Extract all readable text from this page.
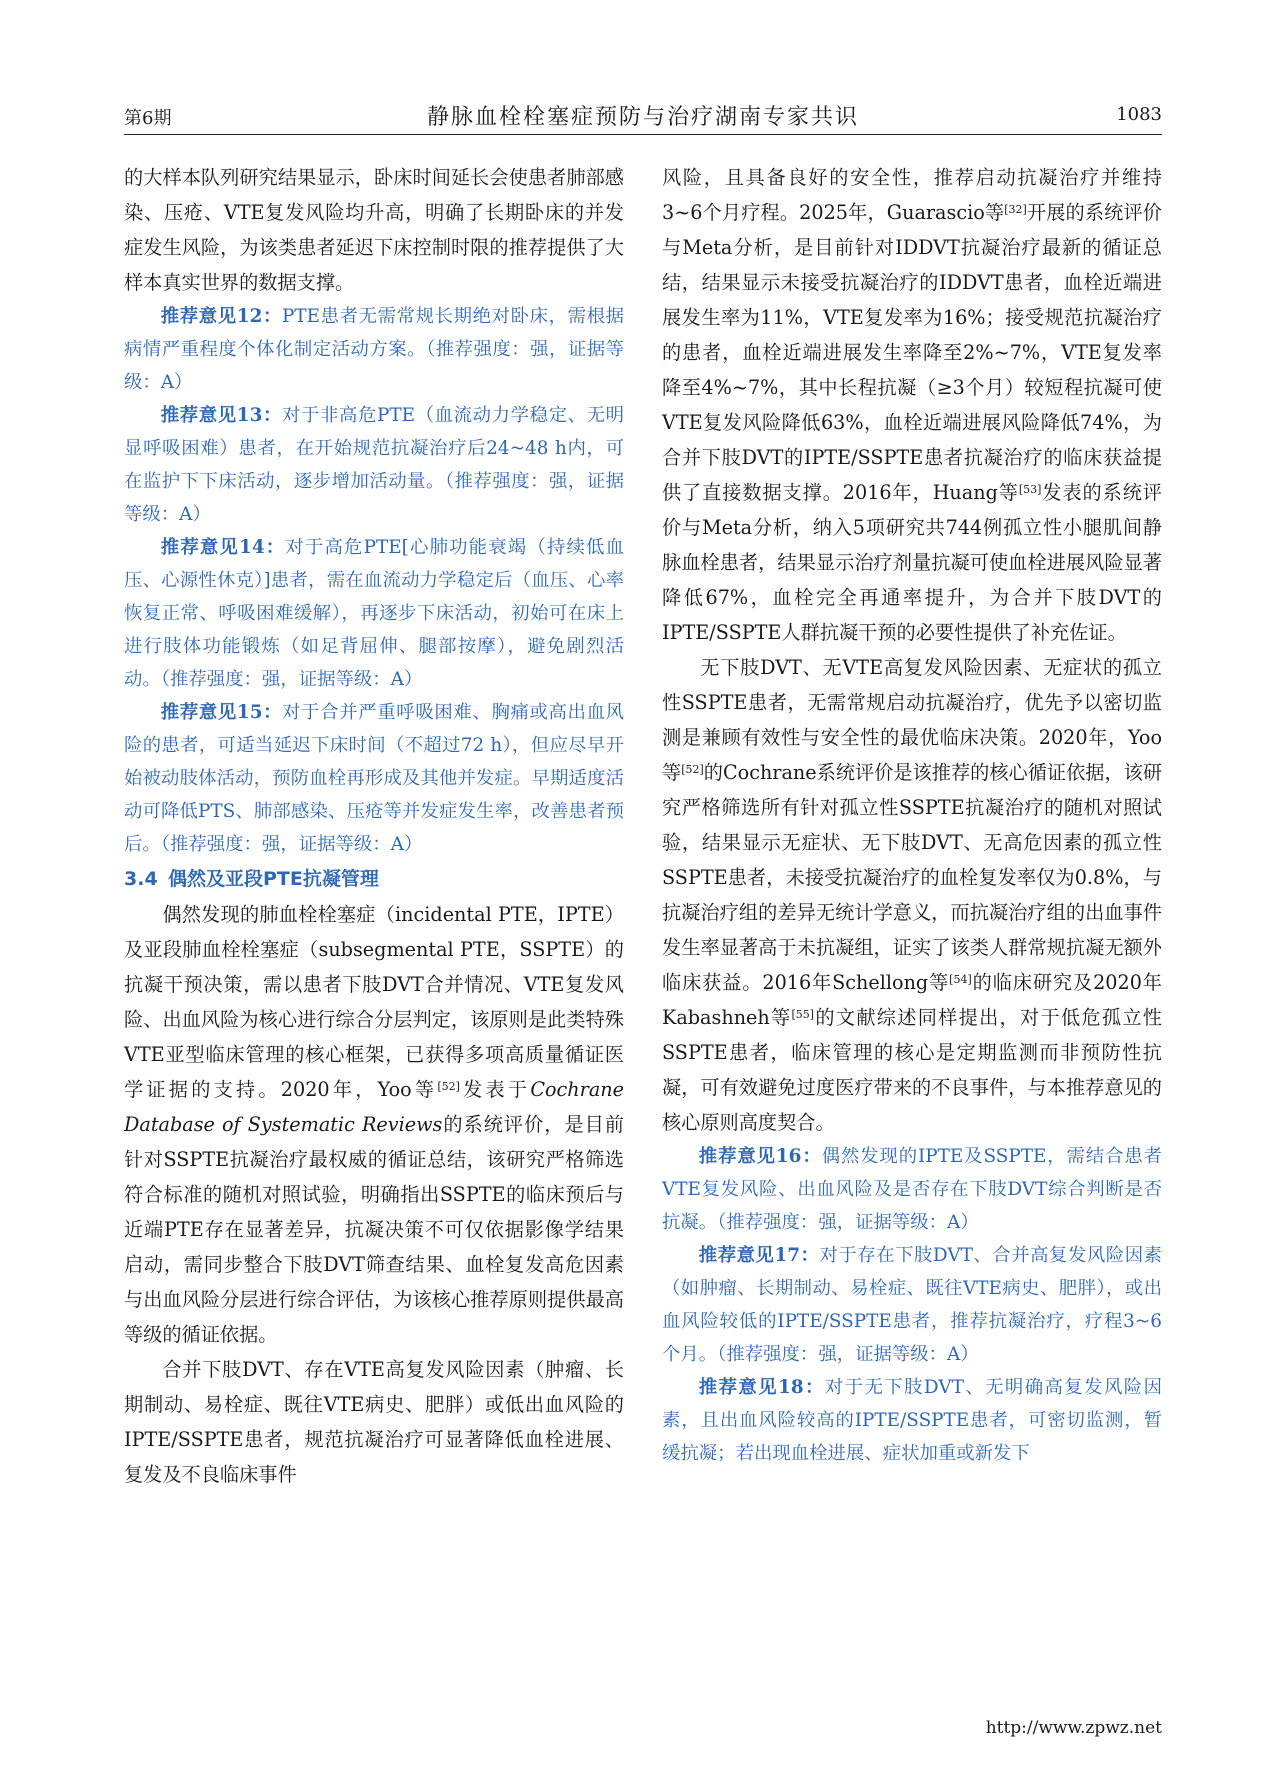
第6期	静脉血栓栓塞症预防与治疗湖南专家共识	1083

的大样本队列研究结果显示，卧床时间延长会使患者肺部感染、压疮、VTE复发风险均升高，明确了长期卧床的并发症发生风险，为该类患者延迟下床控制时限的推荐提供了大样本真实世界的数据支撑。

推荐意见12：PTE患者无需常规长期绝对卧床，需根据病情严重程度个体化制定活动方案。（推荐强度：强，证据等级：A）

推荐意见13：对于非高危PTE（血流动力学稳定、无明显呼吸困难）患者，在开始规范抗凝治疗后24~48 h内，可在监护下下床活动，逐步增加活动量。（推荐强度：强，证据等级：A）

推荐意见14：对于高危PTE[心肺功能衰竭（持续低血压、心源性休克）]患者，需在血流动力学稳定后（血压、心率恢复正常、呼吸困难缓解），再逐步下床活动，初始可在床上进行肢体功能锻炼（如足背屈伸、腿部按摩），避免剧烈活动。（推荐强度：强，证据等级：A）

推荐意见15：对于合并严重呼吸困难、胸痛或高出血风险的患者，可适当延迟下床时间（不超过72 h），但应尽早开始被动肢体活动，预防血栓再形成及其他并发症。早期适度活动可降低PTS、肺部感染、压疮等并发症发生率，改善患者预后。（推荐强度：强，证据等级：A）

3.4 偶然及亚段PTE抗凝管理

偶然发现的肺血栓栓塞症（incidental PTE，IPTE）及亚段肺血栓栓塞症（subsegmental PTE，SSPTE）的抗凝干预决策，需以患者下肢DVT合并情况、VTE复发风险、出血风险为核心进行综合分层判定，该原则是此类特殊VTE亚型临床管理的核心框架，已获得多项高质量循证医学证据的支持。2020年，Yoo等[52]发表于Cochrane Database of Systematic Reviews的系统评价，是目前针对SSPTE抗凝治疗最权威的循证总结，该研究严格筛选符合标准的随机对照试验，明确指出SSPTE的临床预后与近端PTE存在显著差异，抗凝决策不可仅依据影像学结果启动，需同步整合下肢DVT筛查结果、血栓复发高危因素与出血风险分层进行综合评估，为该核心推荐原则提供最高等级的循证依据。

合并下肢DVT、存在VTE高复发风险因素（肿瘤、长期制动、易栓症、既往VTE病史、肥胖）或低出血风险的IPTE/SSPTE患者，规范抗凝治疗可显著降低血栓进展、复发及不良临床事件

风险，且具备良好的安全性，推荐启动抗凝治疗并维持3~6个月疗程。2025年，Guarascio等[32]开展的系统评价与Meta分析，是目前针对IDDVT抗凝治疗最新的循证总结，结果显示未接受抗凝治疗的IDDVT患者，血栓近端进展发生率为11%，VTE复发率为16%；接受规范抗凝治疗的患者，血栓近端进展发生率降至2%~7%，VTE复发率降至4%~7%，其中长程抗凝（≥3个月）较短程抗凝可使VTE复发风险降低63%，血栓近端进展风险降低74%，为合并下肢DVT的IPTE/SSPTE患者抗凝治疗的临床获益提供了直接数据支撑。2016年，Huang等[53]发表的系统评价与Meta分析，纳入5项研究共744例孤立性小腿肌间静脉血栓患者，结果显示治疗剂量抗凝可使血栓进展风险显著降低67%，血栓完全再通率提升，为合并下肢DVT的IPTE/SSPTE人群抗凝干预的必要性提供了补充佐证。

无下肢DVT、无VTE高复发风险因素、无症状的孤立性SSPTE患者，无需常规启动抗凝治疗，优先予以密切监测是兼顾有效性与安全性的最优临床决策。2020年，Yoo等[52]的Cochrane系统评价是该推荐的核心循证依据，该研究严格筛选所有针对孤立性SSPTE抗凝治疗的随机对照试验，结果显示无症状、无下肢DVT、无高危因素的孤立性SSPTE患者，未接受抗凝治疗的血栓复发率仅为0.8%，与抗凝治疗组的差异无统计学意义，而抗凝治疗组的出血事件发生率显著高于未抗凝组，证实了该类人群常规抗凝无额外临床获益。2016年Schellong等[54]的临床研究及2020年Kabashneh等[55]的文献综述同样提出，对于低危孤立性SSPTE患者，临床管理的核心是定期监测而非预防性抗凝，可有效避免过度医疗带来的不良事件，与本推荐意见的核心原则高度契合。

推荐意见16：偶然发现的IPTE及SSPTE，需结合患者VTE复发风险、出血风险及是否存在下肢DVT综合判断是否抗凝。（推荐强度：强，证据等级：A）

推荐意见17：对于存在下肢DVT、合并高复发风险因素（如肿瘤、长期制动、易栓症、既往VTE病史、肥胖），或出血风险较低的IPTE/SSPTE患者，推荐抗凝治疗，疗程3~6个月。（推荐强度：强，证据等级：A）

推荐意见18：对于无下肢DVT、无明确高复发风险因素，且出血风险较高的IPTE/SSPTE患者，可密切监测，暂缓抗凝；若出现血栓进展、症状加重或新发下

http://www.zpwz.net
